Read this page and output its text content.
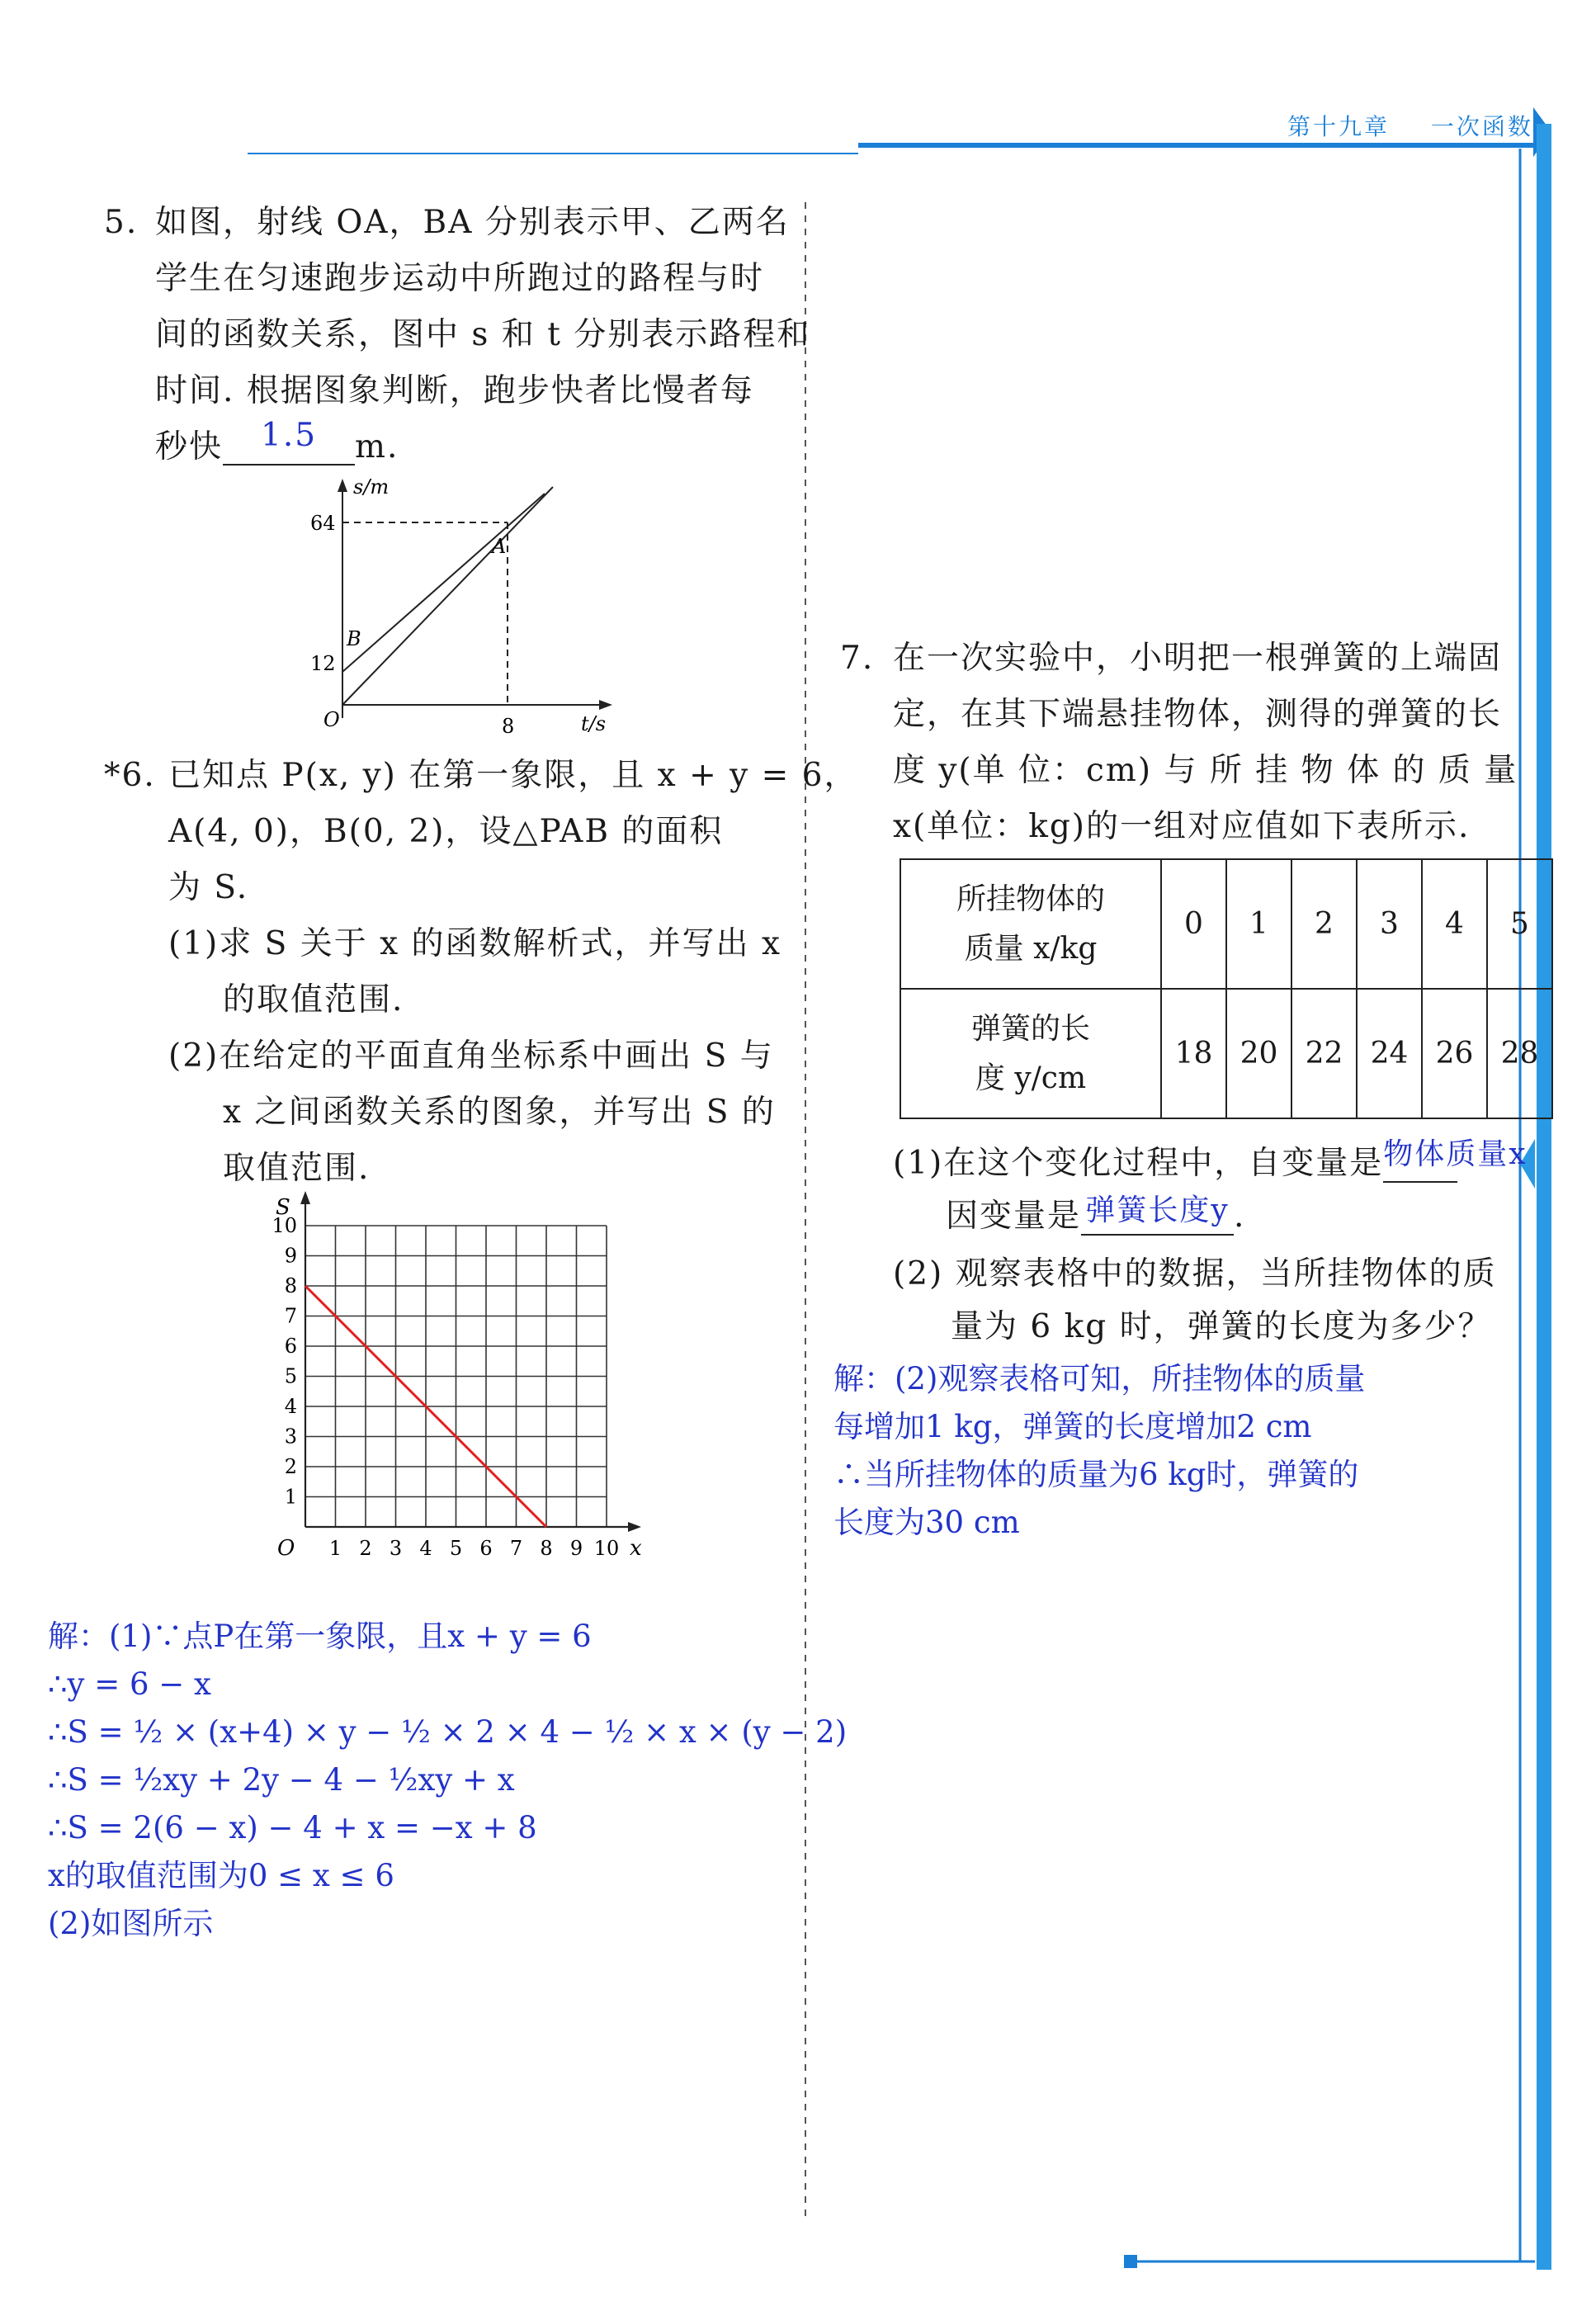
第十九章 一次函数
5. 如图，射线 OA，BA 分别表示甲、乙两名
学生在匀速跑步运动中所跑过的路程与时
间的函数关系，图中 s 和 t 分别表示路程和
时间. 根据图象判断，跑步快者比慢者每
秒快 1.5 m.
s/m
t/s
O
A
B
64
12
8
*6. 已知点 P(x, y) 在第一象限，且 x + y = 6，
A(4, 0)，B(0, 2)，设△PAB 的面积
为 S.
(1)求 S 关于 x 的函数解析式，并写出 x
的取值范围.
(2)在给定的平面直角坐标系中画出 S 与
x 之间函数关系的图象，并写出 S 的
取值范围.
1 2 3 4 5 6 7 8 9 10
1
2
3
4
5
6
7
8
9
10
O	x
S
解：(1)∵点P在第一象限，且x + y = 6
∴y = 6 − x
∴S = ½ × (x+4) × y − ½ × 2 × 4 − ½ × x × (y − 2)
∴S = ½xy + 2y − 4 − ½xy + x
∴S = 2(6 − x) − 4 + x = −x + 8
x的取值范围为0 ≤ x ≤ 6
(2)如图所示
7. 在一次实验中，小明把一根弹簧的上端固
定，在其下端悬挂物体，测得的弹簧的长
度 y(单 位：cm) 与 所 挂 物 体 的 质 量
x(单位：kg)的一组对应值如下表所示.
所挂物体的
质量 x/kg	0	1	2	3	4	5

弹簧的长
度 y/cm	18	20	22	24	26	28
(1)在这个变化过程中，自变量是物体质量x
因变量是 弹簧长度y .
(2) 观察表格中的数据，当所挂物体的质
量为 6 kg 时，弹簧的长度为多少？
解：(2)观察表格可知，所挂物体的质量
每增加1 kg，弹簧的长度增加2 cm
∴当所挂物体的质量为6 kg时，弹簧的
长度为30 cm
